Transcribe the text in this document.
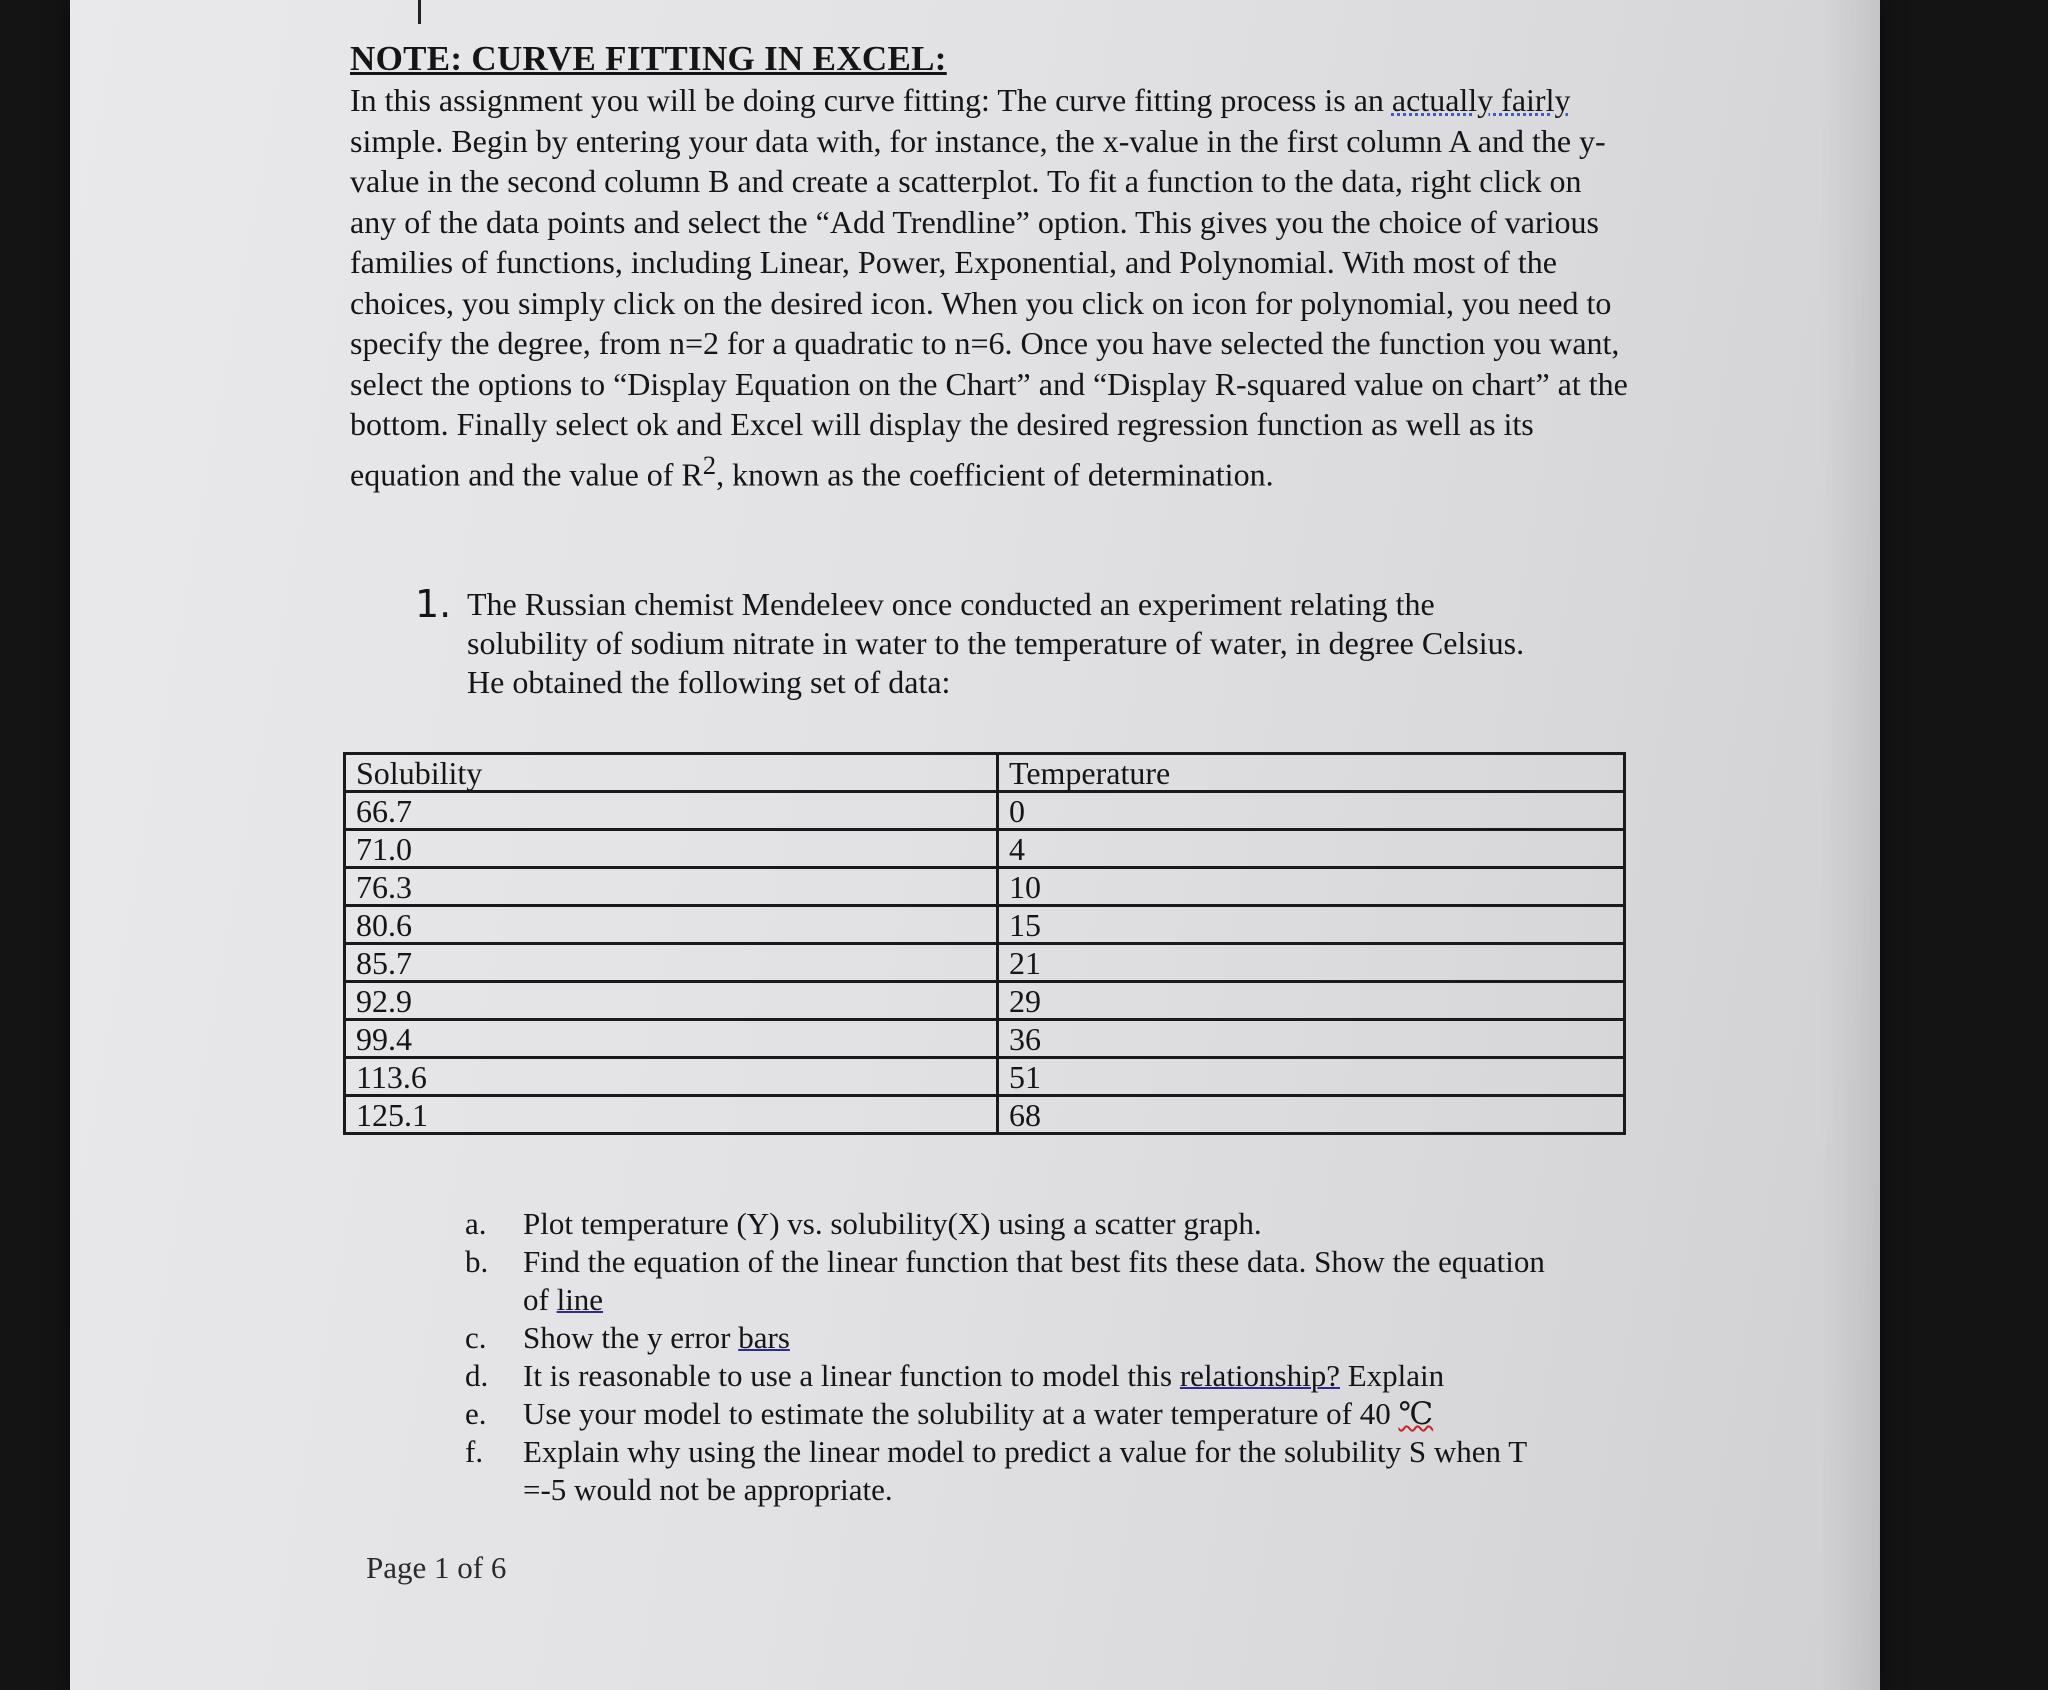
NOTE: CURVE FITTING IN EXCEL:

In this assignment you will be doing curve fitting: The curve fitting process is an actually fairly simple. Begin by entering your data with, for instance, the x-value in the first column A and the y-value in the second column B and create a scatterplot. To fit a function to the data, right click on any of the data points and select the “Add Trendline” option. This gives you the choice of various families of functions, including Linear, Power, Exponential, and Polynomial. With most of the choices, you simply click on the desired icon. When you click on icon for polynomial, you need to specify the degree, from n=2 for a quadratic to n=6. Once you have selected the function you want, select the options to “Display Equation on the Chart” and “Display R-squared value on chart” at the bottom. Finally select ok and Excel will display the desired regression function as well as its equation and the value of $R^2$, known as the coefficient of determination.

1. The Russian chemist Mendeleev once conducted an experiment relating the solubility of sodium nitrate in water to the temperature of water, in degree Celsius. He obtained the following set of data:
Solubility	Temperature
66.7	0
71.0	4
76.3	10
80.6	15
85.7	21
92.9	29
99.4	36
113.6	51
125.1	68
a.	Plot temperature (Y) vs. solubility(X) using a scatter graph.
b.	Find the equation of the linear function that best fits these data. Show the equation of line
c.	Show the y error bars
d.	It is reasonable to use a linear function to model this relationship? Explain
e.	Use your model to estimate the solubility at a water temperature of 40 ℃
f.	Explain why using the linear model to predict a value for the solubility S when T =-5 would not be appropriate.
Page 1 of 6
